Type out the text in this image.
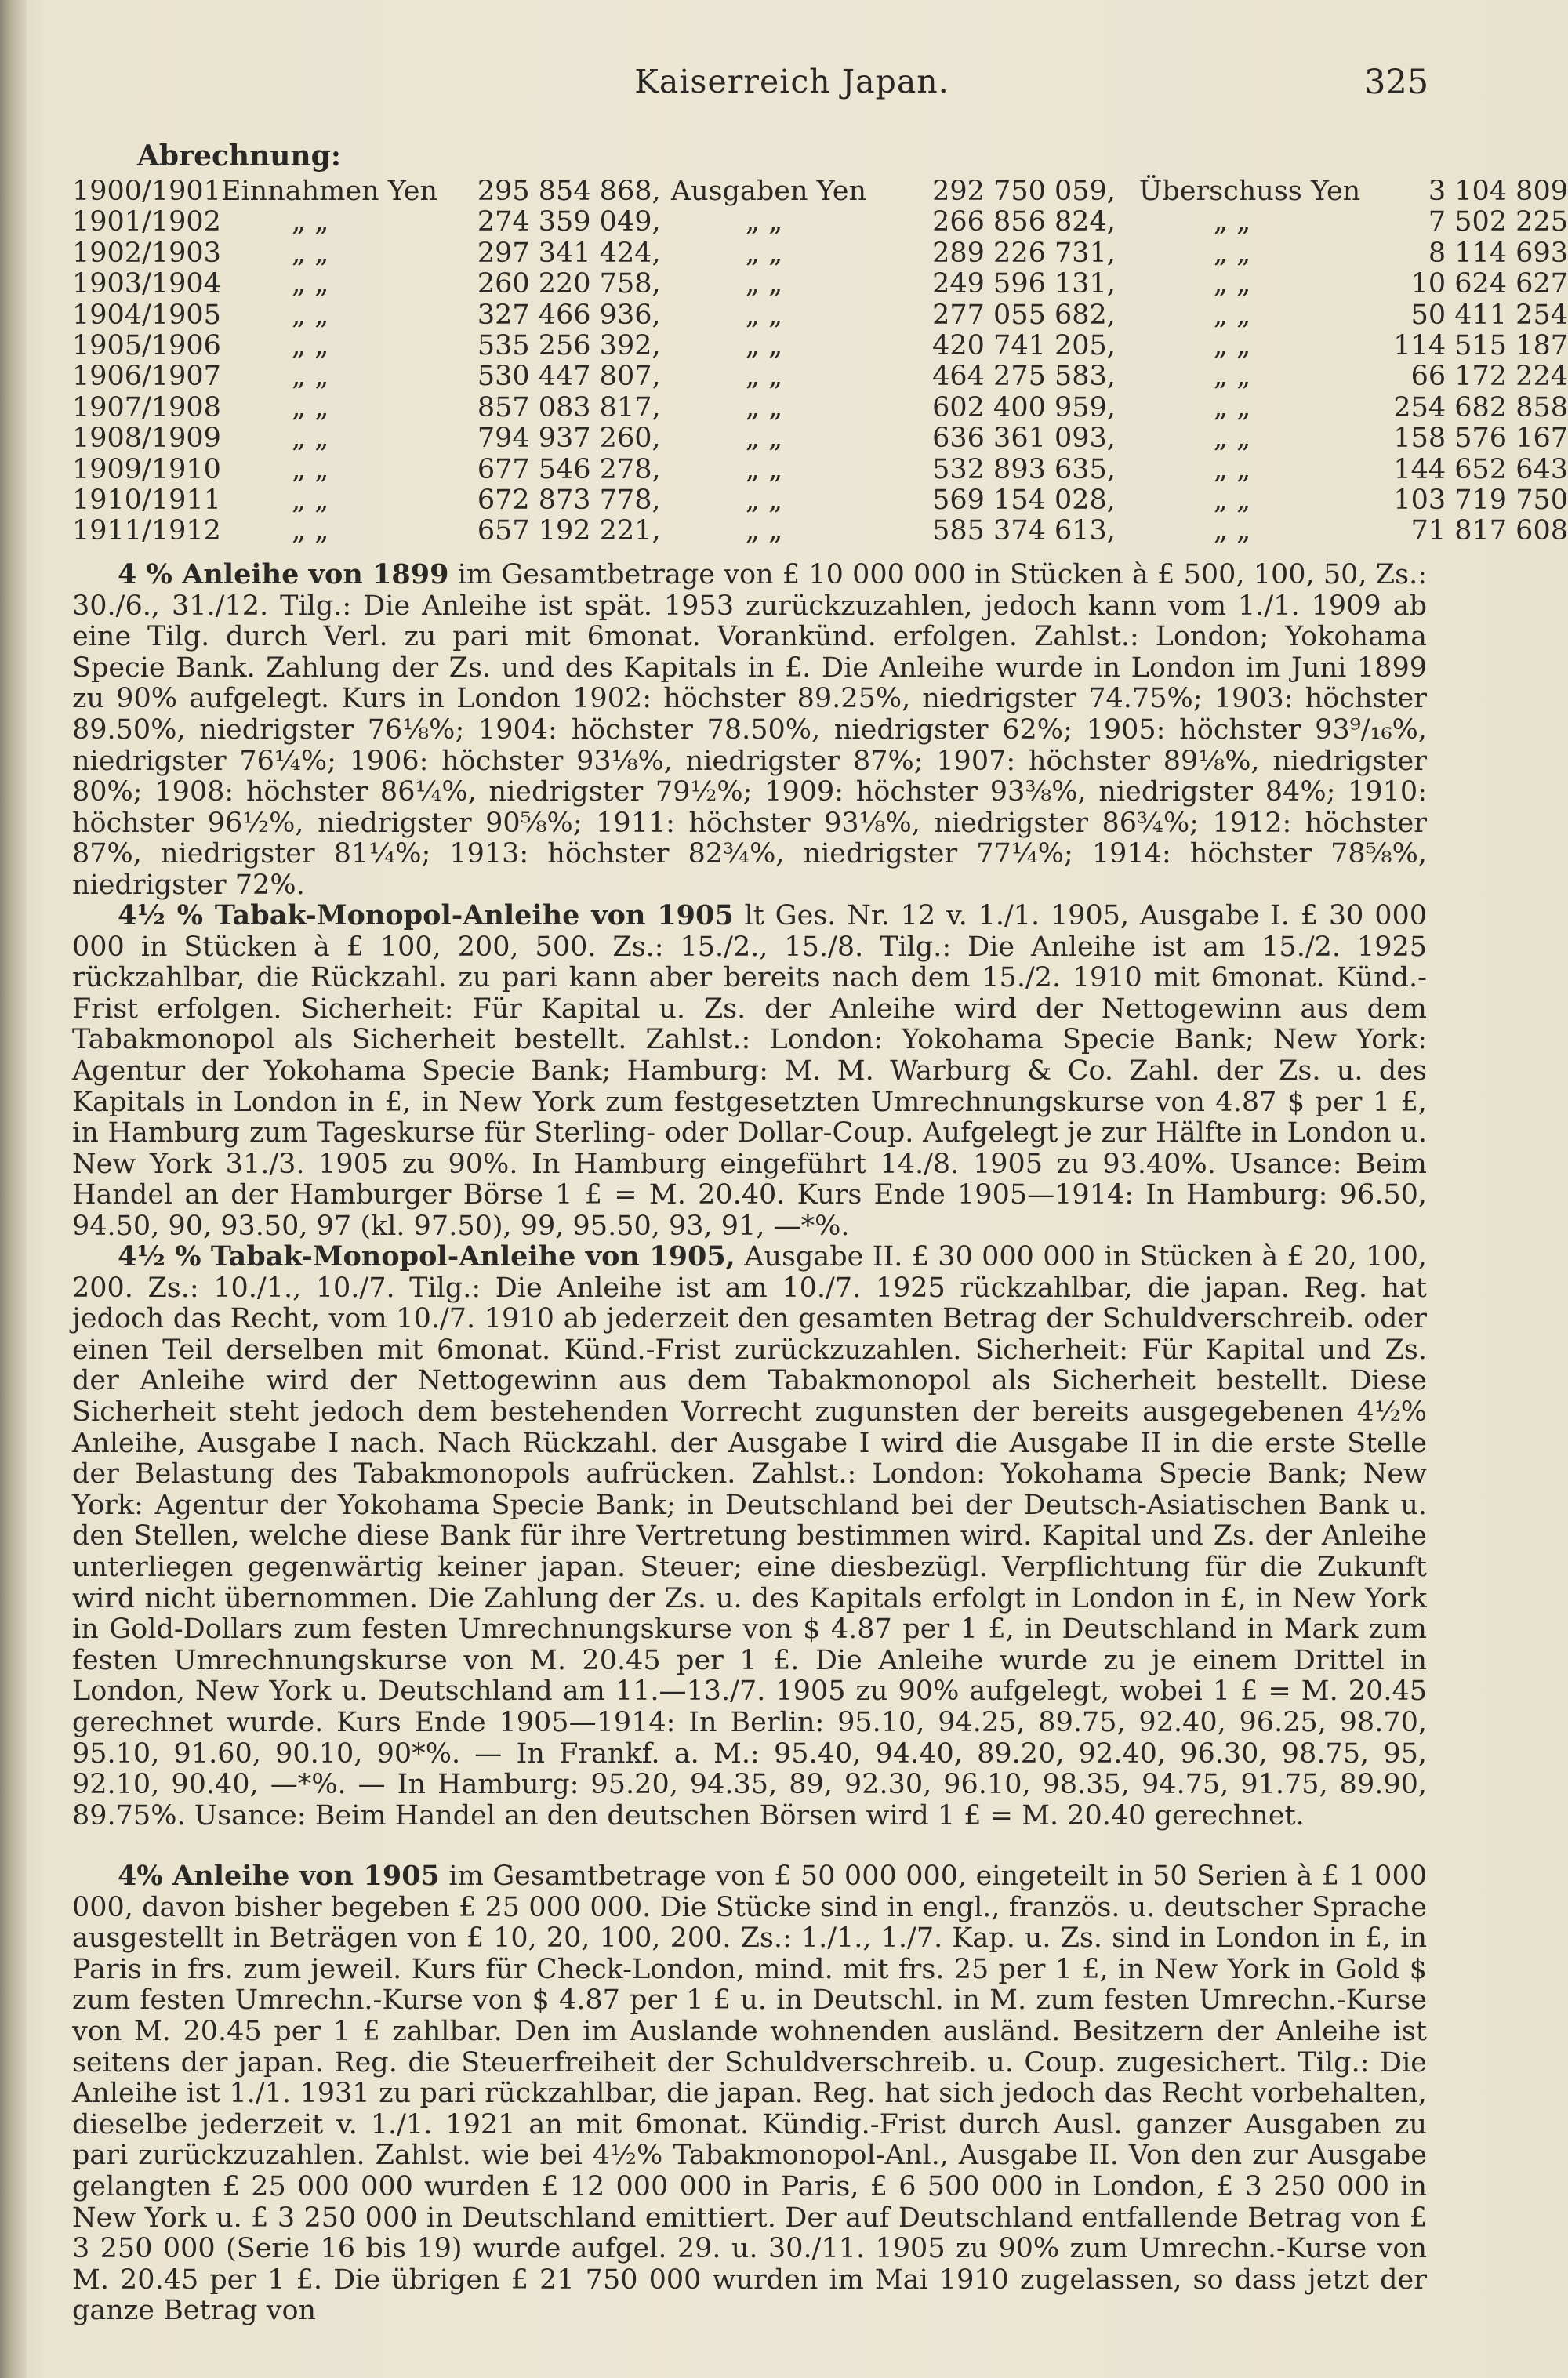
Kaiserreich Japan.	325
Abrechnung:
1900/1901	Einnahmen Yen	295 854 868,	Ausgaben Yen	292 750 059,	Überschuss Yen	3 104 809
1901/1902	„ „	274 359 049,	„ „	266 856 824,	„ „	7 502 225
1902/1903	„ „	297 341 424,	„ „	289 226 731,	„ „	8 114 693
1903/1904	„ „	260 220 758,	„ „	249 596 131,	„ „	10 624 627
1904/1905	„ „	327 466 936,	„ „	277 055 682,	„ „	50 411 254
1905/1906	„ „	535 256 392,	„ „	420 741 205,	„ „	114 515 187
1906/1907	„ „	530 447 807,	„ „	464 275 583,	„ „	66 172 224
1907/1908	„ „	857 083 817,	„ „	602 400 959,	„ „	254 682 858
1908/1909	„ „	794 937 260,	„ „	636 361 093,	„ „	158 576 167
1909/1910	„ „	677 546 278,	„ „	532 893 635,	„ „	144 652 643
1910/1911	„ „	672 873 778,	„ „	569 154 028,	„ „	103 719 750
1911/1912	„ „	657 192 221,	„ „	585 374 613,	„ „	71 817 608

4 % Anleihe von 1899 im Gesamtbetrage von £ 10 000 000 in Stücken à £ 500, 100, 50, Zs.: 30./6., 31./12. Tilg.: Die Anleihe ist spät. 1953 zurückzuzahlen, jedoch kann vom 1./1. 1909 ab eine Tilg. durch Verl. zu pari mit 6monat. Vorankünd. erfolgen. Zahlst.: London; Yokohama Specie Bank. Zahlung der Zs. und des Kapitals in £. Die Anleihe wurde in London im Juni 1899 zu 90% aufgelegt. Kurs in London 1902: höchster 89.25%, niedrigster 74.75%; 1903: höchster 89.50%, niedrigster 76⅛%; 1904: höchster 78.50%, niedrigster 62%; 1905: höchster 93⁹/₁₆%, niedrigster 76¼%; 1906: höchster 93⅛%, niedrigster 87%; 1907: höchster 89⅛%, niedrigster 80%; 1908: höchster 86¼%, niedrigster 79½%; 1909: höchster 93⅜%, niedrigster 84%; 1910: höchster 96½%, niedrigster 90⅝%; 1911: höchster 93⅛%, niedrigster 86¾%; 1912: höchster 87%, niedrigster 81¼%; 1913: höchster 82¾%, niedrigster 77¼%; 1914: höchster 78⅝%, niedrigster 72%.

4½ % Tabak-Monopol-Anleihe von 1905 lt Ges. Nr. 12 v. 1./1. 1905, Ausgabe I. £ 30 000 000 in Stücken à £ 100, 200, 500. Zs.: 15./2., 15./8. Tilg.: Die Anleihe ist am 15./2. 1925 rückzahlbar, die Rückzahl. zu pari kann aber bereits nach dem 15./2. 1910 mit 6monat. Künd.-Frist erfolgen. Sicherheit: Für Kapital u. Zs. der Anleihe wird der Nettogewinn aus dem Tabakmonopol als Sicherheit bestellt. Zahlst.: London: Yokohama Specie Bank; New York: Agentur der Yokohama Specie Bank; Hamburg: M. M. Warburg & Co. Zahl. der Zs. u. des Kapitals in London in £, in New York zum festgesetzten Umrechnungskurse von 4.87 $ per 1 £, in Hamburg zum Tageskurse für Sterling- oder Dollar-Coup. Aufgelegt je zur Hälfte in London u. New York 31./3. 1905 zu 90%. In Hamburg eingeführt 14./8. 1905 zu 93.40%. Usance: Beim Handel an der Hamburger Börse 1 £ = M. 20.40. Kurs Ende 1905—1914: In Hamburg: 96.50, 94.50, 90, 93.50, 97 (kl. 97.50), 99, 95.50, 93, 91, —*%.

4½ % Tabak-Monopol-Anleihe von 1905, Ausgabe II. £ 30 000 000 in Stücken à £ 20, 100, 200. Zs.: 10./1., 10./7. Tilg.: Die Anleihe ist am 10./7. 1925 rückzahlbar, die japan. Reg. hat jedoch das Recht, vom 10./7. 1910 ab jederzeit den gesamten Betrag der Schuldverschreib. oder einen Teil derselben mit 6monat. Künd.-Frist zurückzuzahlen. Sicherheit: Für Kapital und Zs. der Anleihe wird der Nettogewinn aus dem Tabakmonopol als Sicherheit bestellt. Diese Sicherheit steht jedoch dem bestehenden Vorrecht zugunsten der bereits ausgegebenen 4½% Anleihe, Ausgabe I nach. Nach Rückzahl. der Ausgabe I wird die Ausgabe II in die erste Stelle der Belastung des Tabakmonopols aufrücken. Zahlst.: London: Yokohama Specie Bank; New York: Agentur der Yokohama Specie Bank; in Deutschland bei der Deutsch-Asiatischen Bank u. den Stellen, welche diese Bank für ihre Vertretung bestimmen wird. Kapital und Zs. der Anleihe unterliegen gegenwärtig keiner japan. Steuer; eine diesbezügl. Verpflichtung für die Zukunft wird nicht übernommen. Die Zahlung der Zs. u. des Kapitals erfolgt in London in £, in New York in Gold-Dollars zum festen Umrechnungskurse von $ 4.87 per 1 £, in Deutschland in Mark zum festen Umrechnungskurse von M. 20.45 per 1 £. Die Anleihe wurde zu je einem Drittel in London, New York u. Deutschland am 11.—13./7. 1905 zu 90% aufgelegt, wobei 1 £ = M. 20.45 gerechnet wurde. Kurs Ende 1905—1914: In Berlin: 95.10, 94.25, 89.75, 92.40, 96.25, 98.70, 95.10, 91.60, 90.10, 90*%. — In Frankf. a. M.: 95.40, 94.40, 89.20, 92.40, 96.30, 98.75, 95, 92.10, 90.40, —*%. — In Hamburg: 95.20, 94.35, 89, 92.30, 96.10, 98.35, 94.75, 91.75, 89.90, 89.75%. Usance: Beim Handel an den deutschen Börsen wird 1 £ = M. 20.40 gerechnet.

4% Anleihe von 1905 im Gesamtbetrage von £ 50 000 000, eingeteilt in 50 Serien à £ 1 000 000, davon bisher begeben £ 25 000 000. Die Stücke sind in engl., französ. u. deutscher Sprache ausgestellt in Beträgen von £ 10, 20, 100, 200. Zs.: 1./1., 1./7. Kap. u. Zs. sind in London in £, in Paris in frs. zum jeweil. Kurs für Check-London, mind. mit frs. 25 per 1 £, in New York in Gold $ zum festen Umrechn.-Kurse von $ 4.87 per 1 £ u. in Deutschl. in M. zum festen Umrechn.-Kurse von M. 20.45 per 1 £ zahlbar. Den im Auslande wohnenden ausländ. Besitzern der Anleihe ist seitens der japan. Reg. die Steuerfreiheit der Schuldverschreib. u. Coup. zugesichert. Tilg.: Die Anleihe ist 1./1. 1931 zu pari rückzahlbar, die japan. Reg. hat sich jedoch das Recht vorbehalten, dieselbe jederzeit v. 1./1. 1921 an mit 6monat. Kündig.-Frist durch Ausl. ganzer Ausgaben zu pari zurückzuzahlen. Zahlst. wie bei 4½% Tabakmonopol-Anl., Ausgabe II. Von den zur Ausgabe gelangten £ 25 000 000 wurden £ 12 000 000 in Paris, £ 6 500 000 in London, £ 3 250 000 in New York u. £ 3 250 000 in Deutschland emittiert. Der auf Deutschland entfallende Betrag von £ 3 250 000 (Serie 16 bis 19) wurde aufgel. 29. u. 30./11. 1905 zu 90% zum Umrechn.-Kurse von M. 20.45 per 1 £. Die übrigen £ 21 750 000 wurden im Mai 1910 zugelassen, so dass jetzt der ganze Betrag von
